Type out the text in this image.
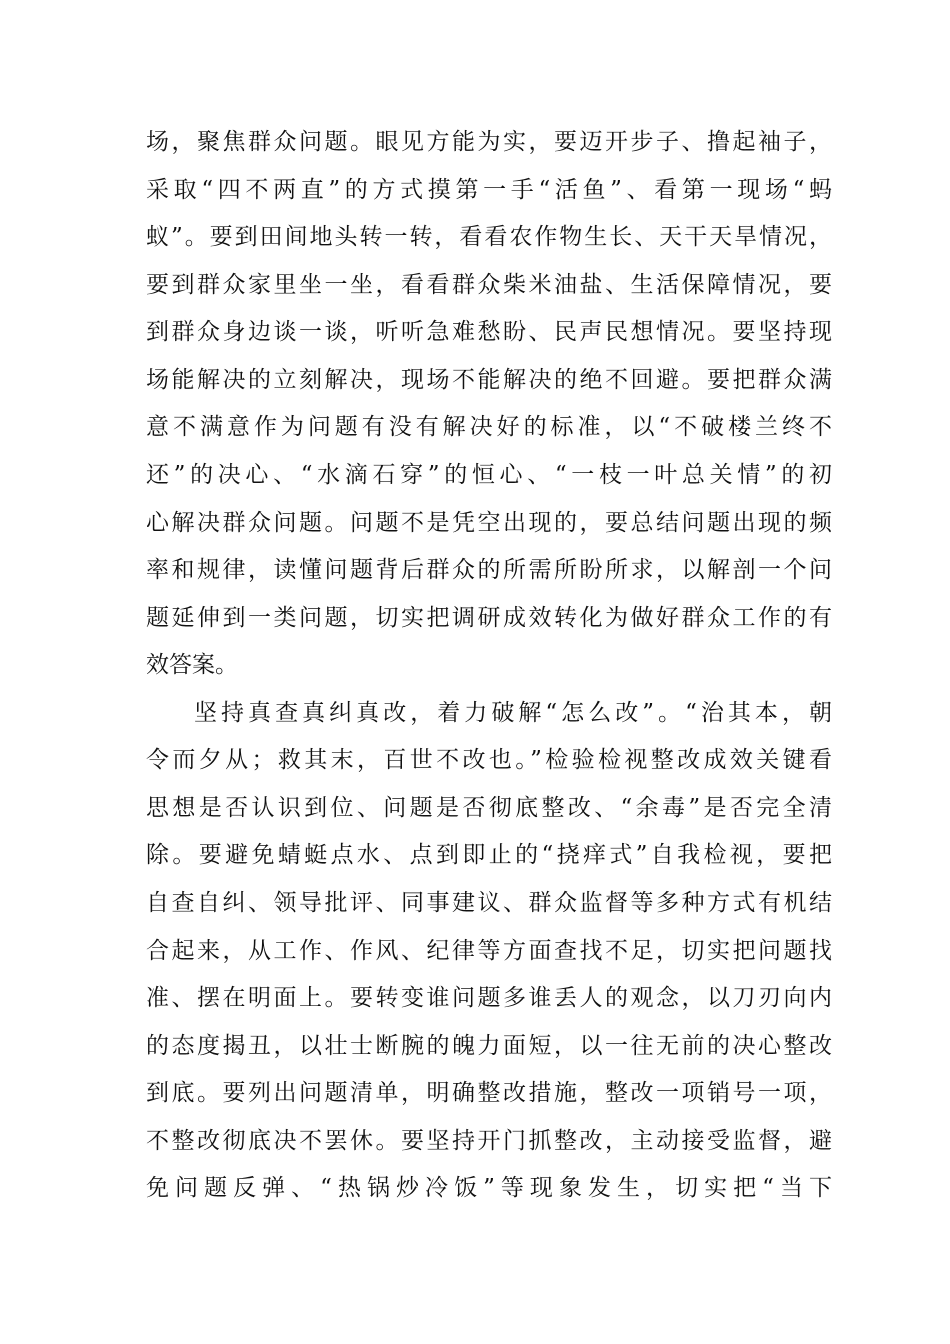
场，聚焦群众问题。眼见方能为实，要迈开步子、撸起袖子，
采取“四不两直”的方式摸第一手“活鱼”、看第一现场“蚂
蚁”。要到田间地头转一转，看看农作物生长、天干天旱情况，
要到群众家里坐一坐，看看群众柴米油盐、生活保障情况，要
到群众身边谈一谈，听听急难愁盼、民声民想情况。要坚持现
场能解决的立刻解决，现场不能解决的绝不回避。要把群众满
意不满意作为问题有没有解决好的标准，以“不破楼兰终不
还”的决心、“水滴石穿”的恒心、“一枝一叶总关情”的初
心解决群众问题。问题不是凭空出现的，要总结问题出现的频
率和规律，读懂问题背后群众的所需所盼所求，以解剖一个问
题延伸到一类问题，切实把调研成效转化为做好群众工作的有
效答案。
坚持真查真纠真改，着力破解“怎么改”。“治其本，朝
令而夕从；救其末，百世不改也。”检验检视整改成效关键看
思想是否认识到位、问题是否彻底整改、“余毒”是否完全清
除。要避免蜻蜓点水、点到即止的“挠痒式”自我检视，要把
自查自纠、领导批评、同事建议、群众监督等多种方式有机结
合起来，从工作、作风、纪律等方面查找不足，切实把问题找
准、摆在明面上。要转变谁问题多谁丢人的观念，以刀刃向内
的态度揭丑，以壮士断腕的魄力面短，以一往无前的决心整改
到底。要列出问题清单，明确整改措施，整改一项销号一项，
不整改彻底决不罢休。要坚持开门抓整改，主动接受监督，避
免问题反弹、“热锅炒冷饭”等现象发生，切实把“当下
